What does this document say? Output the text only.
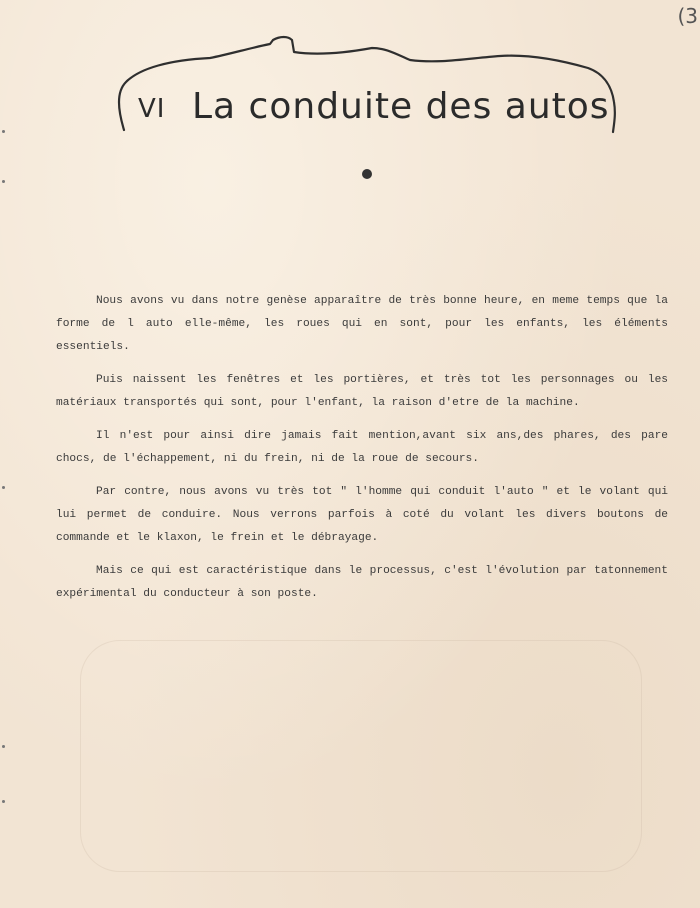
(3
VI La conduite des autos

Nous avons vu dans notre genèse apparaître de très bonne heure, en meme temps que la forme de l auto elle-même, les roues qui en sont, pour les enfants, les éléments essentiels.

Puis naissent les fenêtres et les portières, et très tot les personnages ou les matériaux transportés qui sont, pour l'enfant, la raison d'etre de la machine.

Il n'est pour ainsi dire jamais fait mention,avant six ans,des phares, des pare chocs, de l'échappement, ni du frein, ni de la roue de secours.

Par contre, nous avons vu très tot " l'homme qui conduit l'auto " et le volant qui lui permet de conduire. Nous verrons parfois à coté du volant les divers boutons de commande et le klaxon, le frein et le débrayage.

Mais ce qui est caractéristique dans le processus, c'est l'évolution par tatonnement expérimental du conducteur à son poste.
